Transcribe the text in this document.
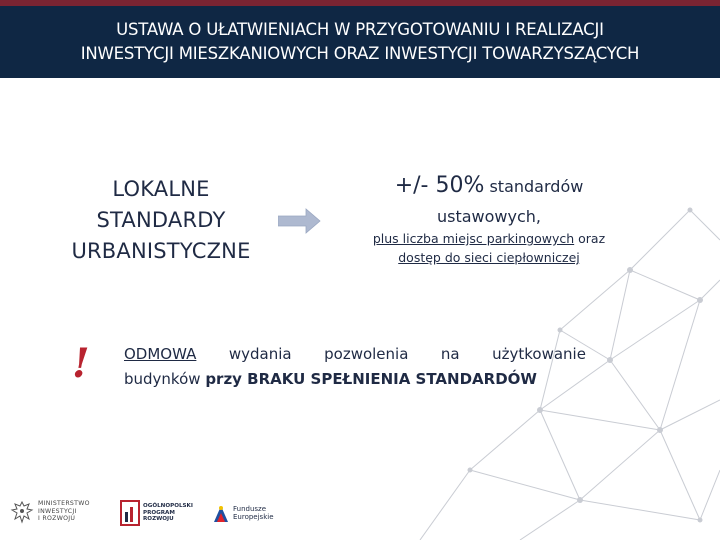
USTAWA O UŁATWIENIACH W PRZYGOTOWANIU I REALIZACJI
INWESTYCJI MIESZKANIOWYCH ORAZ INWESTYCJI TOWARZYSZĄCYCH
LOKALNE
STANDARDY
URBANISTYCZNE
+/- 50% standardów
ustawowych,
plus liczba miejsc parkingowych oraz
dostęp do sieci ciepłowniczej
! ODMOWA wydania pozwolenia na użytkowanie
budynków przy BRAKU SPEŁNIENIA STANDARDÓW
MINISTERSTWO
INWESTYCJI
I ROZWOJU
OGÓLNOPOLSKI
PROGRAM
ROZWOJU
Fundusze
Europejskie
